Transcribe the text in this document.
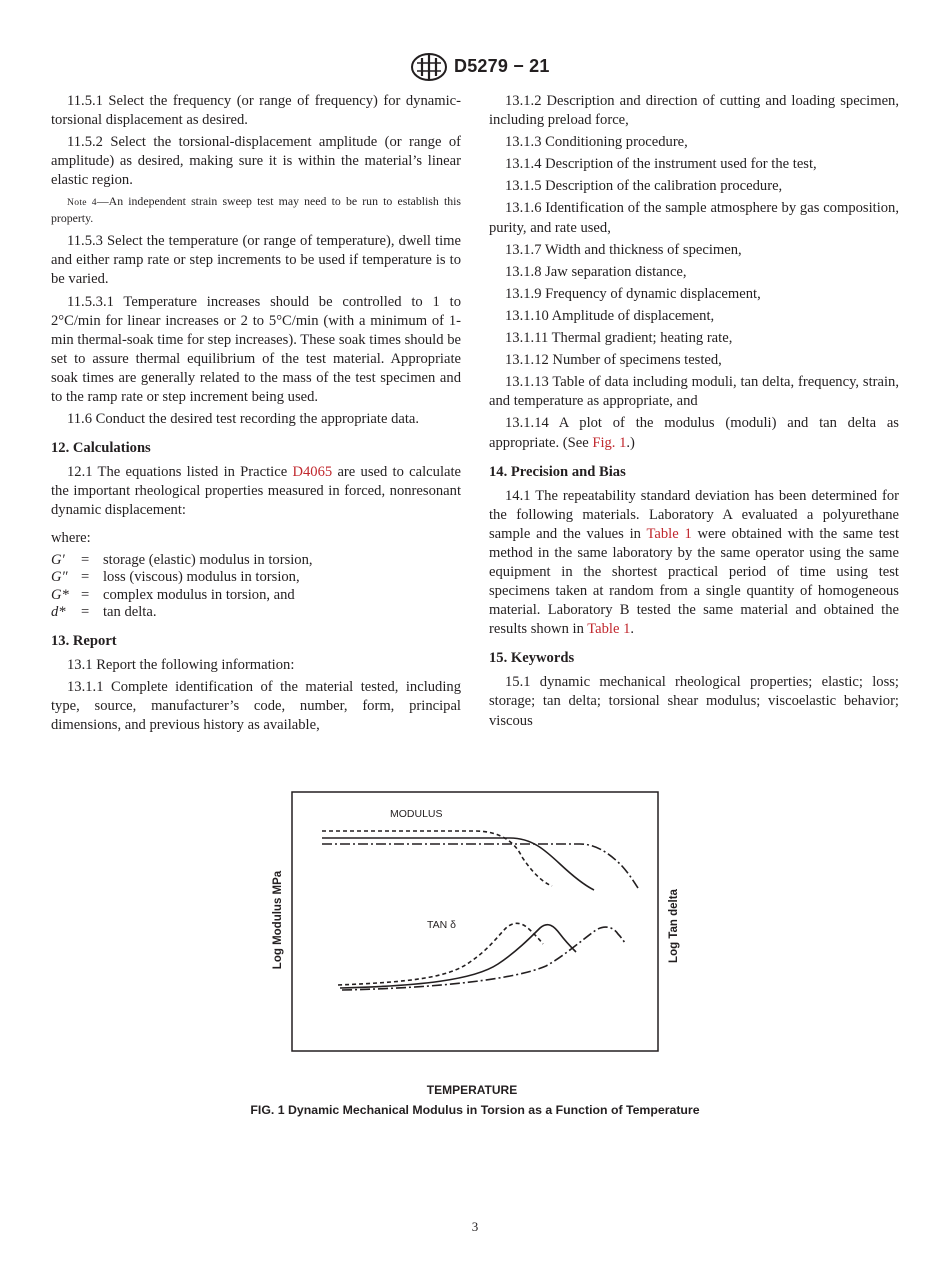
D5279 − 21

11.5.1 Select the frequency (or range of frequency) for dynamic-torsional displacement as desired.

11.5.2 Select the torsional-displacement amplitude (or range of amplitude) as desired, making sure it is within the material’s linear elastic region.

Note 4—An independent strain sweep test may need to be run to establish this property.

11.5.3 Select the temperature (or range of temperature), dwell time and either ramp rate or step increments to be used if temperature is to be varied.

11.5.3.1 Temperature increases should be controlled to 1 to 2°C/min for linear increases or 2 to 5°C/min (with a minimum of 1-min thermal-soak time for step increases). These soak times should be set to assure thermal equilibrium of the test material. Appropriate soak times are generally related to the mass of the test specimen and to the ramp rate or step increment being used.

11.6 Conduct the desired test recording the appropriate data.

12. Calculations

12.1 The equations listed in Practice D4065 are used to calculate the important rheological properties measured in forced, nonresonant dynamic displacement:

where:

G′	= storage (elastic) modulus in torsion,
G″ = loss (viscous) modulus in torsion,
G* = complex modulus in torsion, and
d*	= tan delta.
13. Report

13.1 Report the following information:

13.1.1 Complete identification of the material tested, including type, source, manufacturer’s code, number, form, principal dimensions, and previous history as available,

13.1.2 Description and direction of cutting and loading specimen, including preload force,

13.1.3 Conditioning procedure,

13.1.4 Description of the instrument used for the test,

13.1.5 Description of the calibration procedure,

13.1.6 Identification of the sample atmosphere by gas composition, purity, and rate used,

13.1.7 Width and thickness of specimen,

13.1.8 Jaw separation distance,

13.1.9 Frequency of dynamic displacement,

13.1.10 Amplitude of displacement,

13.1.11 Thermal gradient; heating rate,

13.1.12 Number of specimens tested,

13.1.13 Table of data including moduli, tan delta, frequency, strain, and temperature as appropriate, and

13.1.14 A plot of the modulus (moduli) and tan delta as appropriate. (See Fig. 1.)

14. Precision and Bias

14.1 The repeatability standard deviation has been determined for the following materials. Laboratory A evaluated a polyurethane sample and the values in Table 1 were obtained with the same test method in the same laboratory by the same operator using the same equipment in the shortest practical period of time using test specimens taken at random from a single quantity of homogeneous material. Laboratory B tested the same material and obtained the results shown in Table 1.

15. Keywords

15.1 dynamic mechanical rheological properties; elastic; loss; storage; tan delta; torsional shear modulus; viscoelastic behavior; viscous

MODULUS
TAN δ
Log Modulus MPa	Log Tan delta
TEMPERATURE
FIG. 1 Dynamic Mechanical Modulus in Torsion as a Function of Temperature
3
